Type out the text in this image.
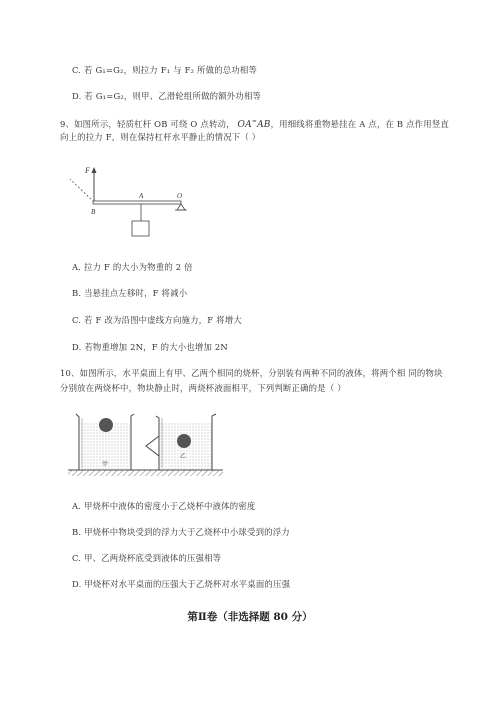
C. 若 G₁=G₂，则拉力 F₁ 与 F₂ 所做的总功相等
D. 若 G₁=G₂，则甲、乙滑轮组所做的额外功相等
9、如图所示，轻质杠杆 OB 可绕 O 点转动， OA≈AB，用细线将重物悬挂在 A 点，在 B 点作用竖直
向上的拉力 F，则在保持杠杆水平静止的情况下（ ）
F
A	O
B
A. 拉力 F 的大小为物重的 2 倍
B. 当悬挂点左移时，F 将减小
C. 若 F 改为沿图中虚线方向施力，F 将增大
D. 若物重增加 2N，F 的大小也增加 2N
10、如图所示，水平桌面上有甲、乙两个相同的烧杯，分别装有两种不同的液体，将两个相 同的物块
分别放在两烧杯中，物块静止时，两烧杯液面相平，下列判断正确的是（ ）
甲
乙
A. 甲烧杯中液体的密度小于乙烧杯中液体的密度
B. 甲烧杯中物块受到的浮力大于乙烧杯中小球受到的浮力
C. 甲、乙两烧杯底受到液体的压强相等
D. 甲烧杯对水平桌面的压强大于乙烧杯对水平桌面的压强
第Ⅱ卷（非选择题 80 分）
